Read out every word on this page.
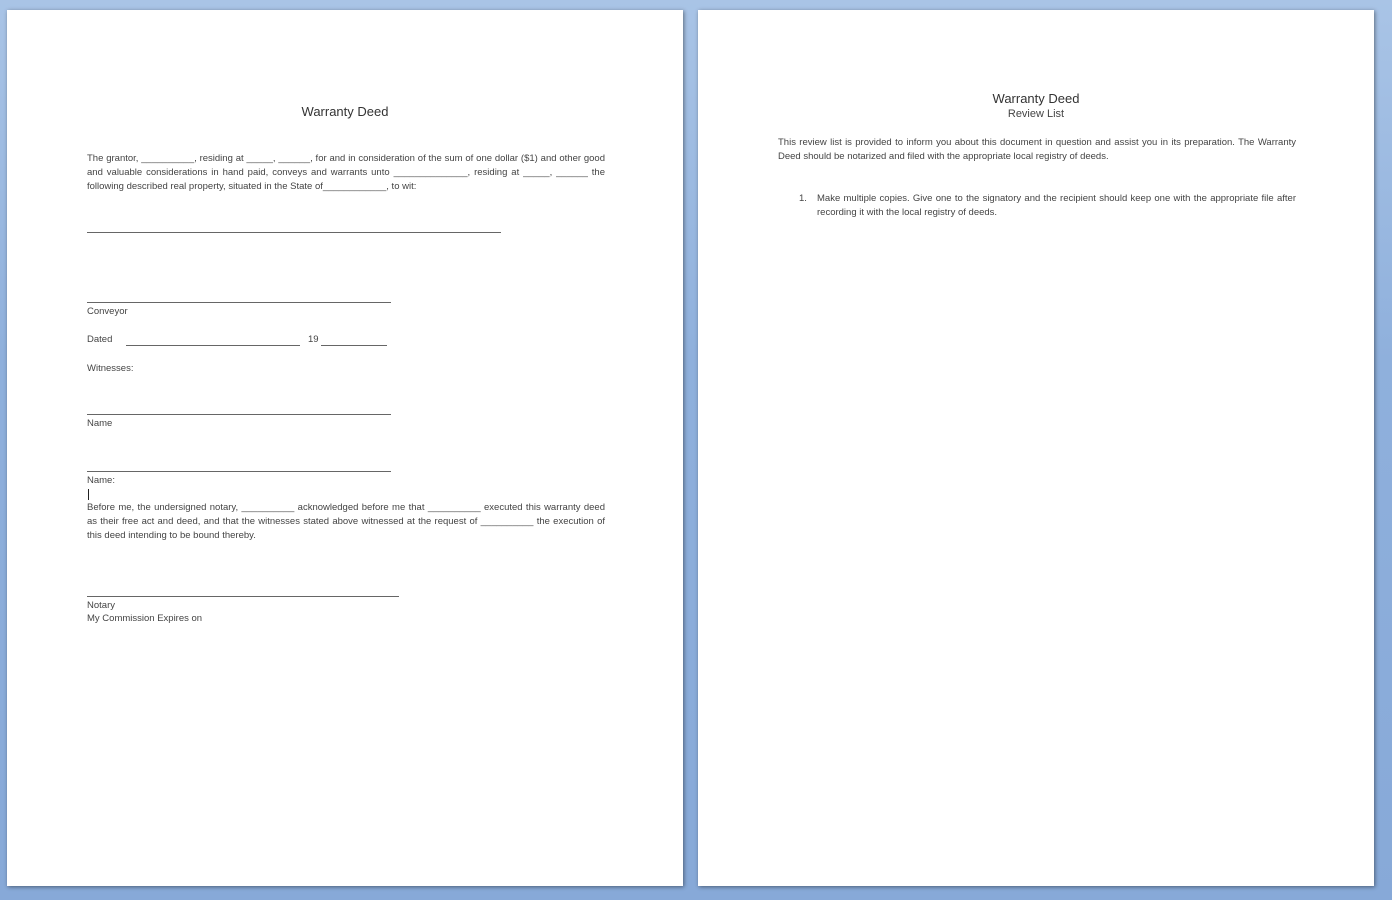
Warranty Deed
The grantor, __________, residing at _____, ______, for and in consideration of the sum of one dollar ($1) and other good and valuable considerations in hand paid, conveys and warrants unto ______________, residing at _____, ______ the following described real property, situated in the State of____________, to wit:
Conveyor
Dated	19
Witnesses:
Name
Name:
Before me, the undersigned notary, __________ acknowledged before me that __________ executed this warranty deed as their free act and deed, and that the witnesses stated above witnessed at the request of __________ the execution of this deed intending to be bound thereby.
Notary
My Commission Expires on
Warranty Deed
Review List
This review list is provided to inform you about this document in question and assist you in its preparation. The Warranty Deed should be notarized and filed with the appropriate local registry of deeds.
1. Make multiple copies. Give one to the signatory and the recipient should keep one with the appropriate file after recording it with the local registry of deeds.
